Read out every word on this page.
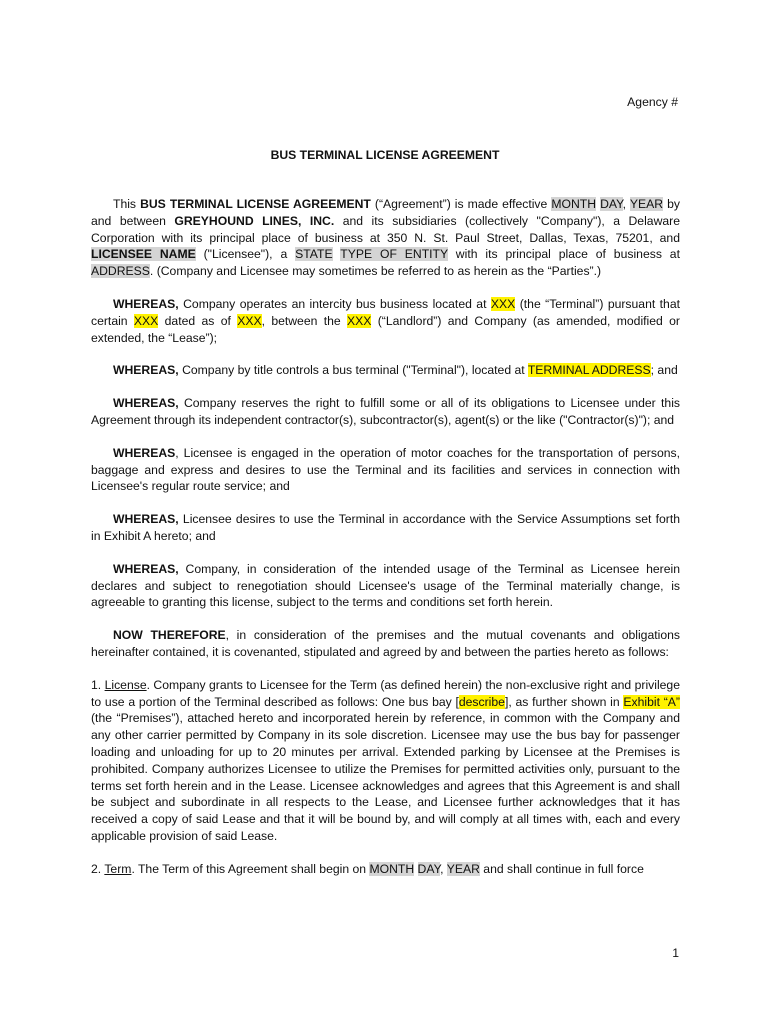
Agency #
BUS TERMINAL LICENSE AGREEMENT

This BUS TERMINAL LICENSE AGREEMENT (“Agreement”) is made effective MONTH DAY, YEAR by and between GREYHOUND LINES, INC. and its subsidiaries (collectively "Company"), a Delaware Corporation with its principal place of business at 350 N. St. Paul Street, Dallas, Texas, 75201, and LICENSEE NAME ("Licensee"), a STATE TYPE OF ENTITY with its principal place of business at ADDRESS. (Company and Licensee may sometimes be referred to as herein as the “Parties”.)

WHEREAS, Company operates an intercity bus business located at XXX (the “Terminal”) pursuant that certain XXX dated as of XXX, between the XXX (“Landlord”) and Company (as amended, modified or extended, the “Lease”);

WHEREAS, Company by title controls a bus terminal ("Terminal"), located at TERMINAL ADDRESS; and

WHEREAS, Company reserves the right to fulfill some or all of its obligations to Licensee under this Agreement through its independent contractor(s), subcontractor(s), agent(s) or the like ("Contractor(s)"); and

WHEREAS, Licensee is engaged in the operation of motor coaches for the transportation of persons, baggage and express and desires to use the Terminal and its facilities and services in connection with Licensee's regular route service; and

WHEREAS, Licensee desires to use the Terminal in accordance with the Service Assumptions set forth in Exhibit A hereto; and

WHEREAS, Company, in consideration of the intended usage of the Terminal as Licensee herein declares and subject to renegotiation should Licensee's usage of the Terminal materially change, is agreeable to granting this license, subject to the terms and conditions set forth herein.

NOW THEREFORE, in consideration of the premises and the mutual covenants and obligations hereinafter contained, it is covenanted, stipulated and agreed by and between the parties hereto as follows:

1. License. Company grants to Licensee for the Term (as defined herein) the non-exclusive right and privilege to use a portion of the Terminal described as follows: One bus bay [describe], as further shown in Exhibit “A” (the “Premises”), attached hereto and incorporated herein by reference, in common with the Company and any other carrier permitted by Company in its sole discretion. Licensee may use the bus bay for passenger loading and unloading for up to 20 minutes per arrival. Extended parking by Licensee at the Premises is prohibited. Company authorizes Licensee to utilize the Premises for permitted activities only, pursuant to the terms set forth herein and in the Lease. Licensee acknowledges and agrees that this Agreement is and shall be subject and subordinate in all respects to the Lease, and Licensee further acknowledges that it has received a copy of said Lease and that it will be bound by, and will comply at all times with, each and every applicable provision of said Lease.

2. Term. The Term of this Agreement shall begin on MONTH DAY, YEAR and shall continue in full force

1
